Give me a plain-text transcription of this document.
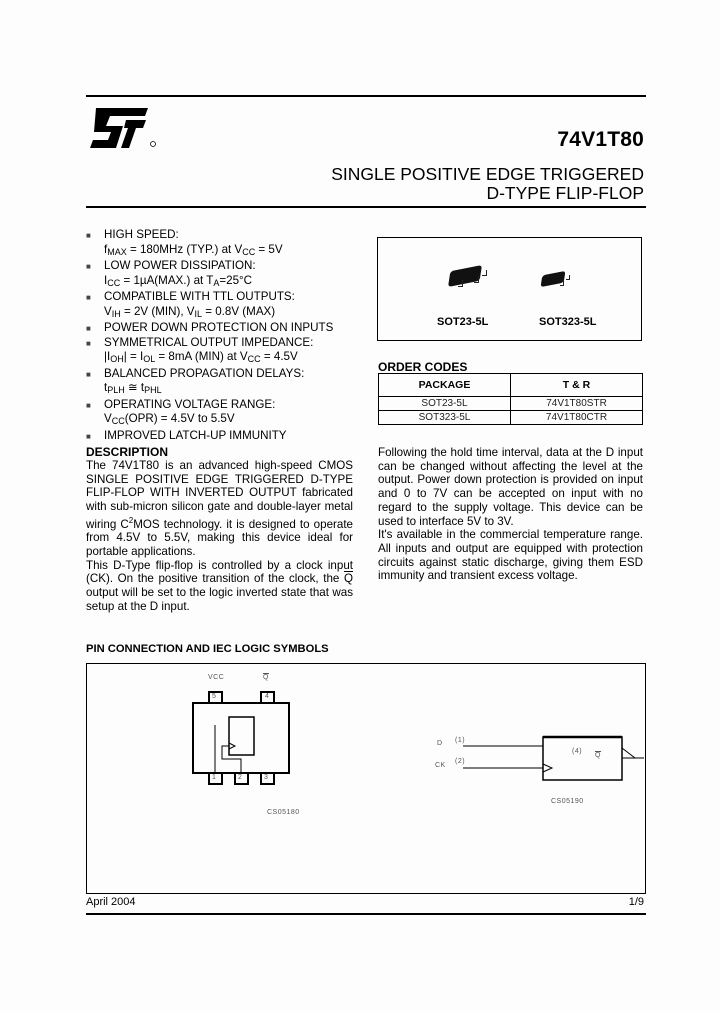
74V1T80
SINGLE POSITIVE EDGE TRIGGERED
D-TYPE FLIP-FLOP
■ HIGH SPEED:
$f_{MAX} = 180MHz$ (TYP.) at $V_{CC} = 5V$
■ LOW POWER DISSIPATION:
$I_{CC} = 1\mu A(MAX.)$ at $T_A=25^\circ C$
■ COMPATIBLE WITH TTL OUTPUTS:
$V_{IH} = 2V$ (MIN), $V_{IL} = 0.8V$ (MAX)
■ POWER DOWN PROTECTION ON INPUTS
■ SYMMETRICAL OUTPUT IMPEDANCE:
$|I_{OH}| = I_{OL} = 8mA$ (MIN) at $V_{CC} = 4.5V$
■ BALANCED PROPAGATION DELAYS:
$t_{PLH}$ ≅ $t_{PHL}$
■ OPERATING VOLTAGE RANGE:
$V_{CC}(OPR) = 4.5V$ to 5.5V
■ IMPROVED LATCH-UP IMMUNITY
SOT23-5L	SOT323-5L
ORDER CODES
PACKAGE	T & R
SOT23-5L	74V1T80STR
SOT323-5L	74V1T80CTR
DESCRIPTION
The 74V1T80 is an advanced high-speed CMOS SINGLE POSITIVE EDGE TRIGGERED D-TYPE FLIP-FLOP WITH INVERTED OUTPUT fabricated with sub-micron silicon gate and double-layer metal wiring $C^2MOS$ technology. it is designed to operate from 4.5V to 5.5V, making this device ideal for portable applications.
This D-Type flip-flop is controlled by a clock input (CK). On the positive transition of the clock, the $\overline{Q}$ output will be set to the logic inverted state that was setup at the D input.
Following the hold time interval, data at the D input can be changed without affecting the level at the output. Power down protection is provided on input and 0 to 7V can be accepted on input with no regard to the supply voltage. This device can be used to interface 5V to 3V.
It's available in the commercial temperature range. All inputs and output are equipped with protection circuits against static discharge, giving them ESD immunity and transient excess voltage.
PIN CONNECTION AND IEC LOGIC SYMBOLS
VCC	$\overline{Q}$
5	4
1	2	3
D (1)
CK
(2)
(4)
$\overline{Q}$
CS05180
CS05190
April 2004	1/9
